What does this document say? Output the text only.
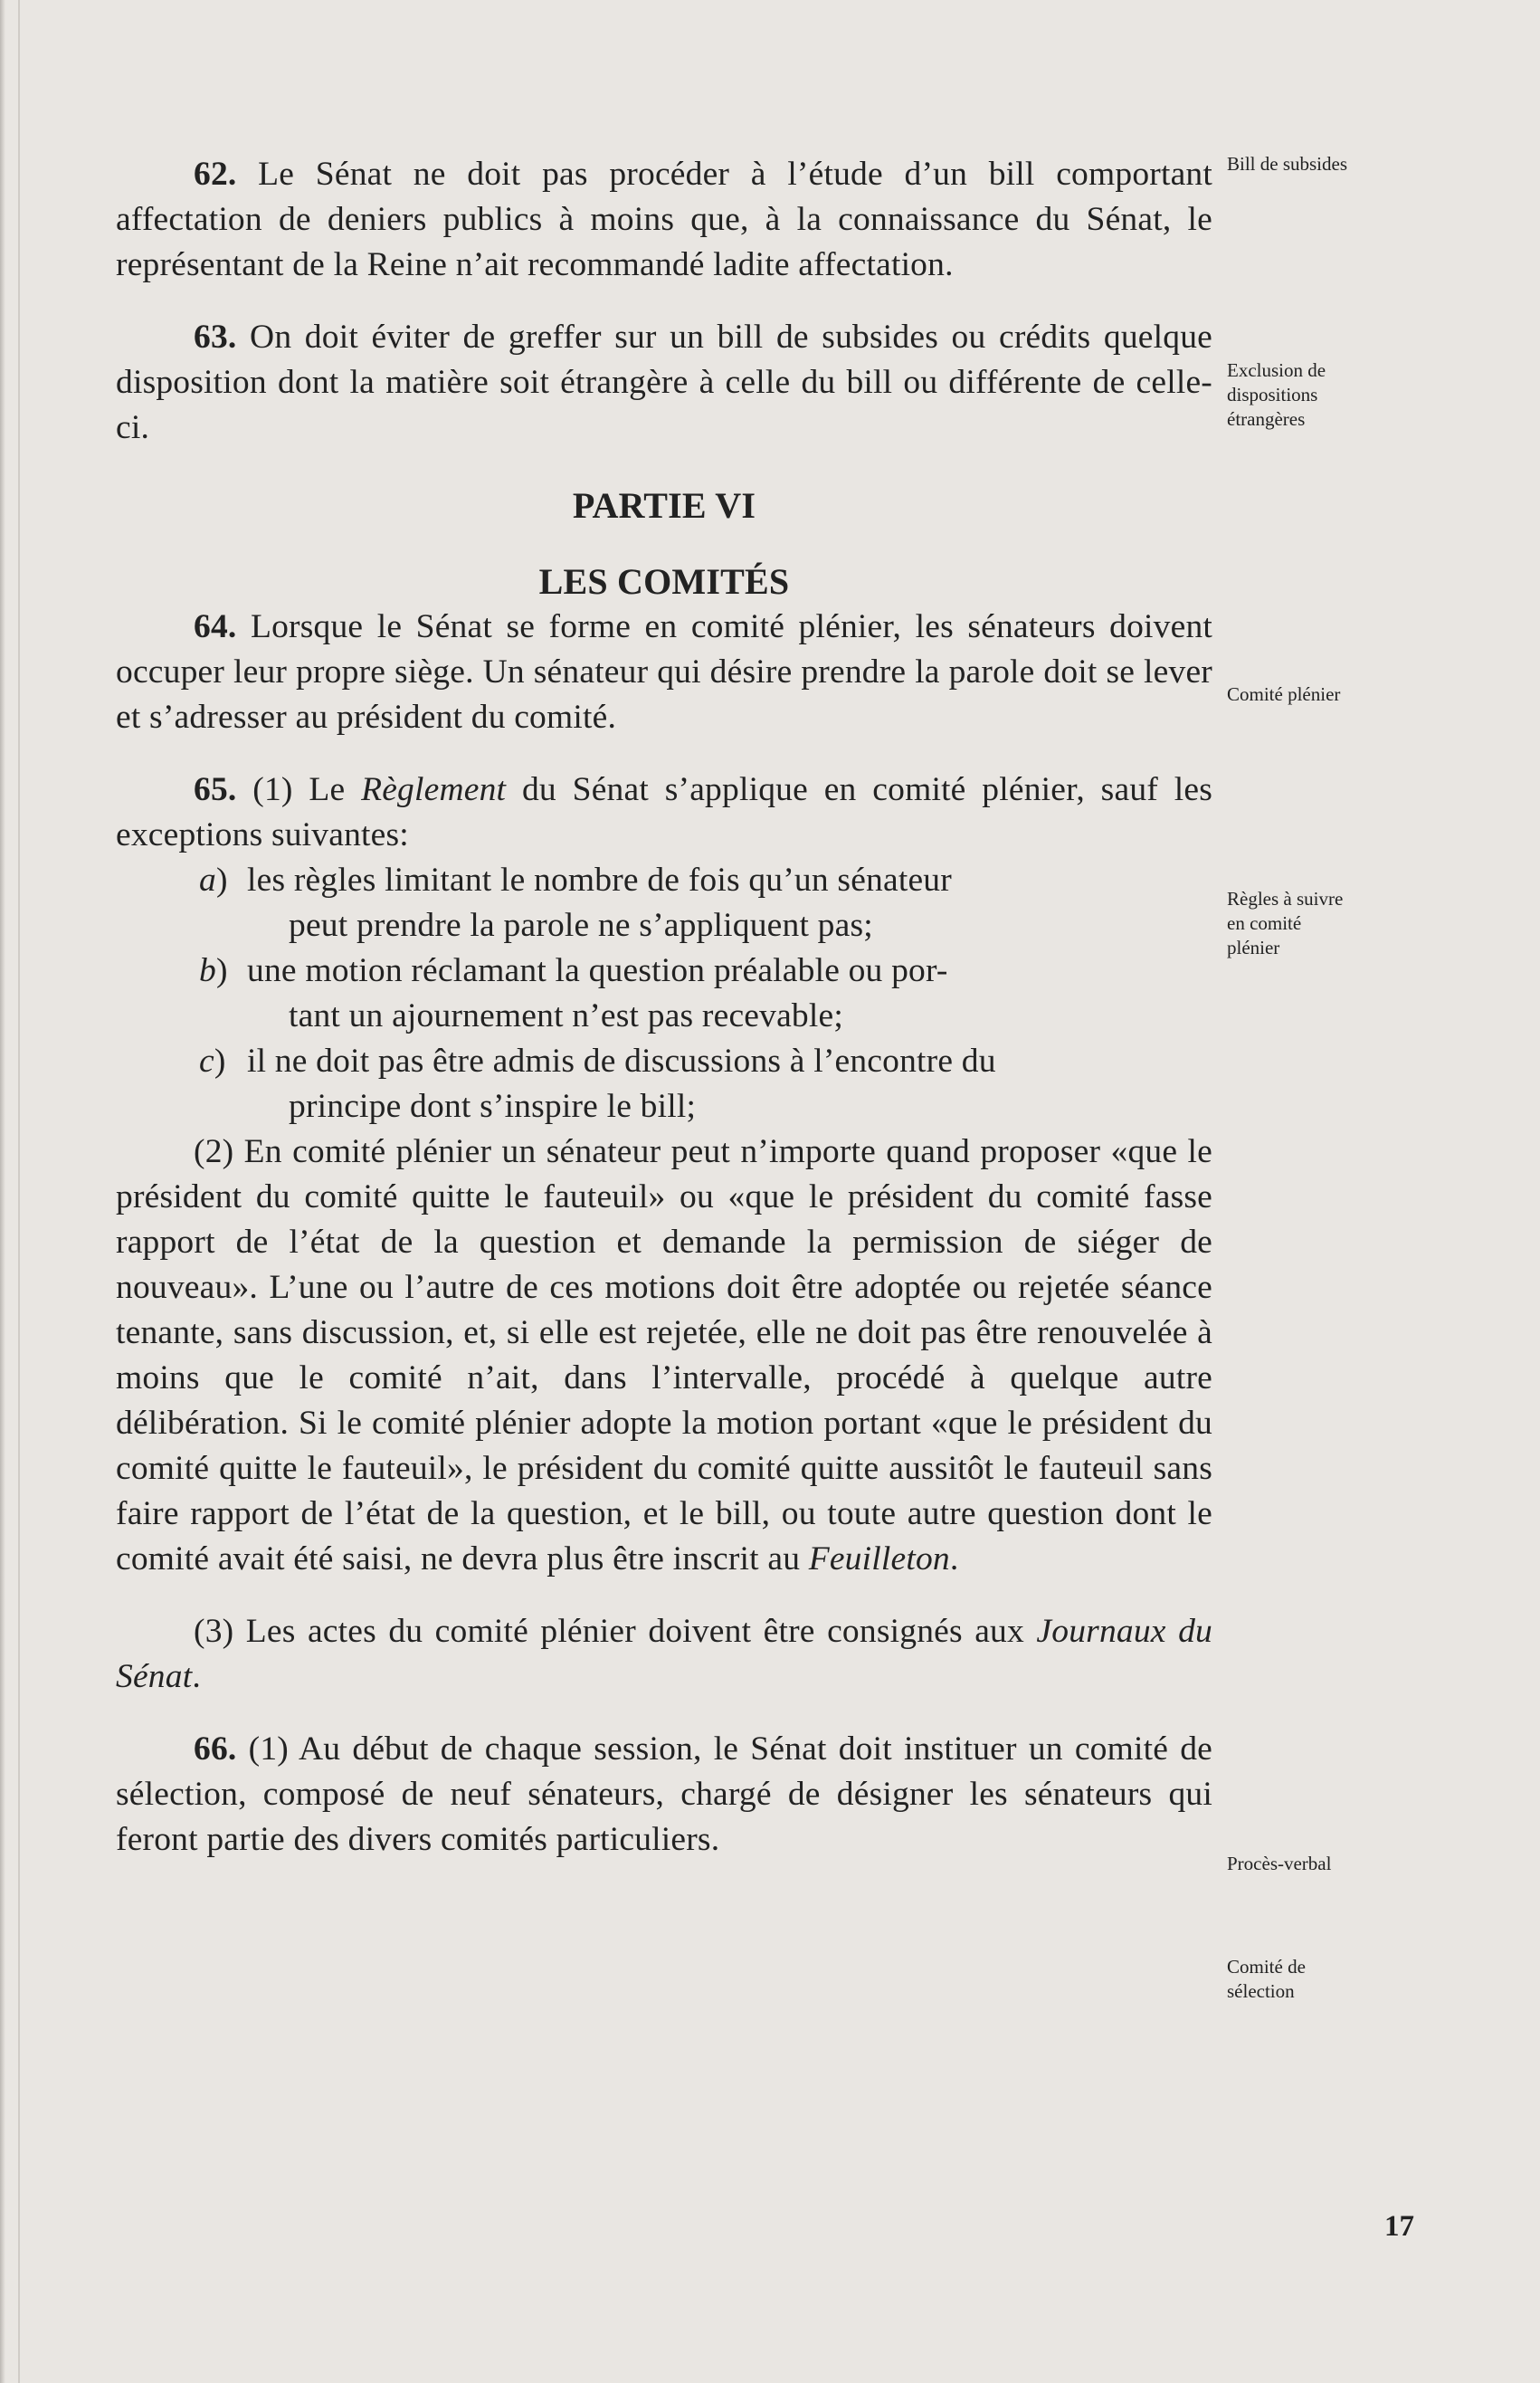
62. Le Sénat ne doit pas procéder à l’étude d’un bill comportant affectation de deniers publics à moins que, à la connaissance du Sénat, le représentant de la Reine n’ait recommandé ladite affectation.

63. On doit éviter de greffer sur un bill de subsides ou crédits quelque disposition dont la matière soit étrangère à celle du bill ou différente de celle-ci.

PARTIE VI

LES COMITÉS

64. Lorsque le Sénat se forme en comité plénier, les sénateurs doivent occuper leur propre siège. Un sénateur qui désire prendre la parole doit se lever et s’adresser au président du comité.

65. (1) Le Règlement du Sénat s’applique en comité plénier, sauf les exceptions suivantes:

a) les règles limitant le nombre de fois qu’un sénateur
peut prendre la parole ne s’appliquent pas;
b) une motion réclamant la question préalable ou por-
tant un ajournement n’est pas recevable;
c) il ne doit pas être admis de discussions à l’encontre du
principe dont s’inspire le bill;

(2) En comité plénier un sénateur peut n’importe quand proposer «que le président du comité quitte le fauteuil» ou «que le président du comité fasse rapport de l’état de la question et demande la permission de siéger de nouveau». L’une ou l’autre de ces motions doit être adoptée ou rejetée séance tenante, sans discussion, et, si elle est rejetée, elle ne doit pas être renouvelée à moins que le comité n’ait, dans l’intervalle, procédé à quelque autre délibération. Si le comité plénier adopte la motion portant «que le président du comité quitte le fauteuil», le président du comité quitte aussitôt le fauteuil sans faire rapport de l’état de la question, et le bill, ou toute autre question dont le comité avait été saisi, ne devra plus être inscrit au Feuilleton.

(3) Les actes du comité plénier doivent être consignés aux Journaux du Sénat.

66. (1) Au début de chaque session, le Sénat doit instituer un comité de sélection, composé de neuf sénateurs, chargé de désigner les sénateurs qui feront partie des divers comités particuliers.

Bill de subsides
Exclusion de dispositions étrangères
Comité plénier
Règles à suivre en comité plénier
Procès-verbal
Comité de sélection
17
